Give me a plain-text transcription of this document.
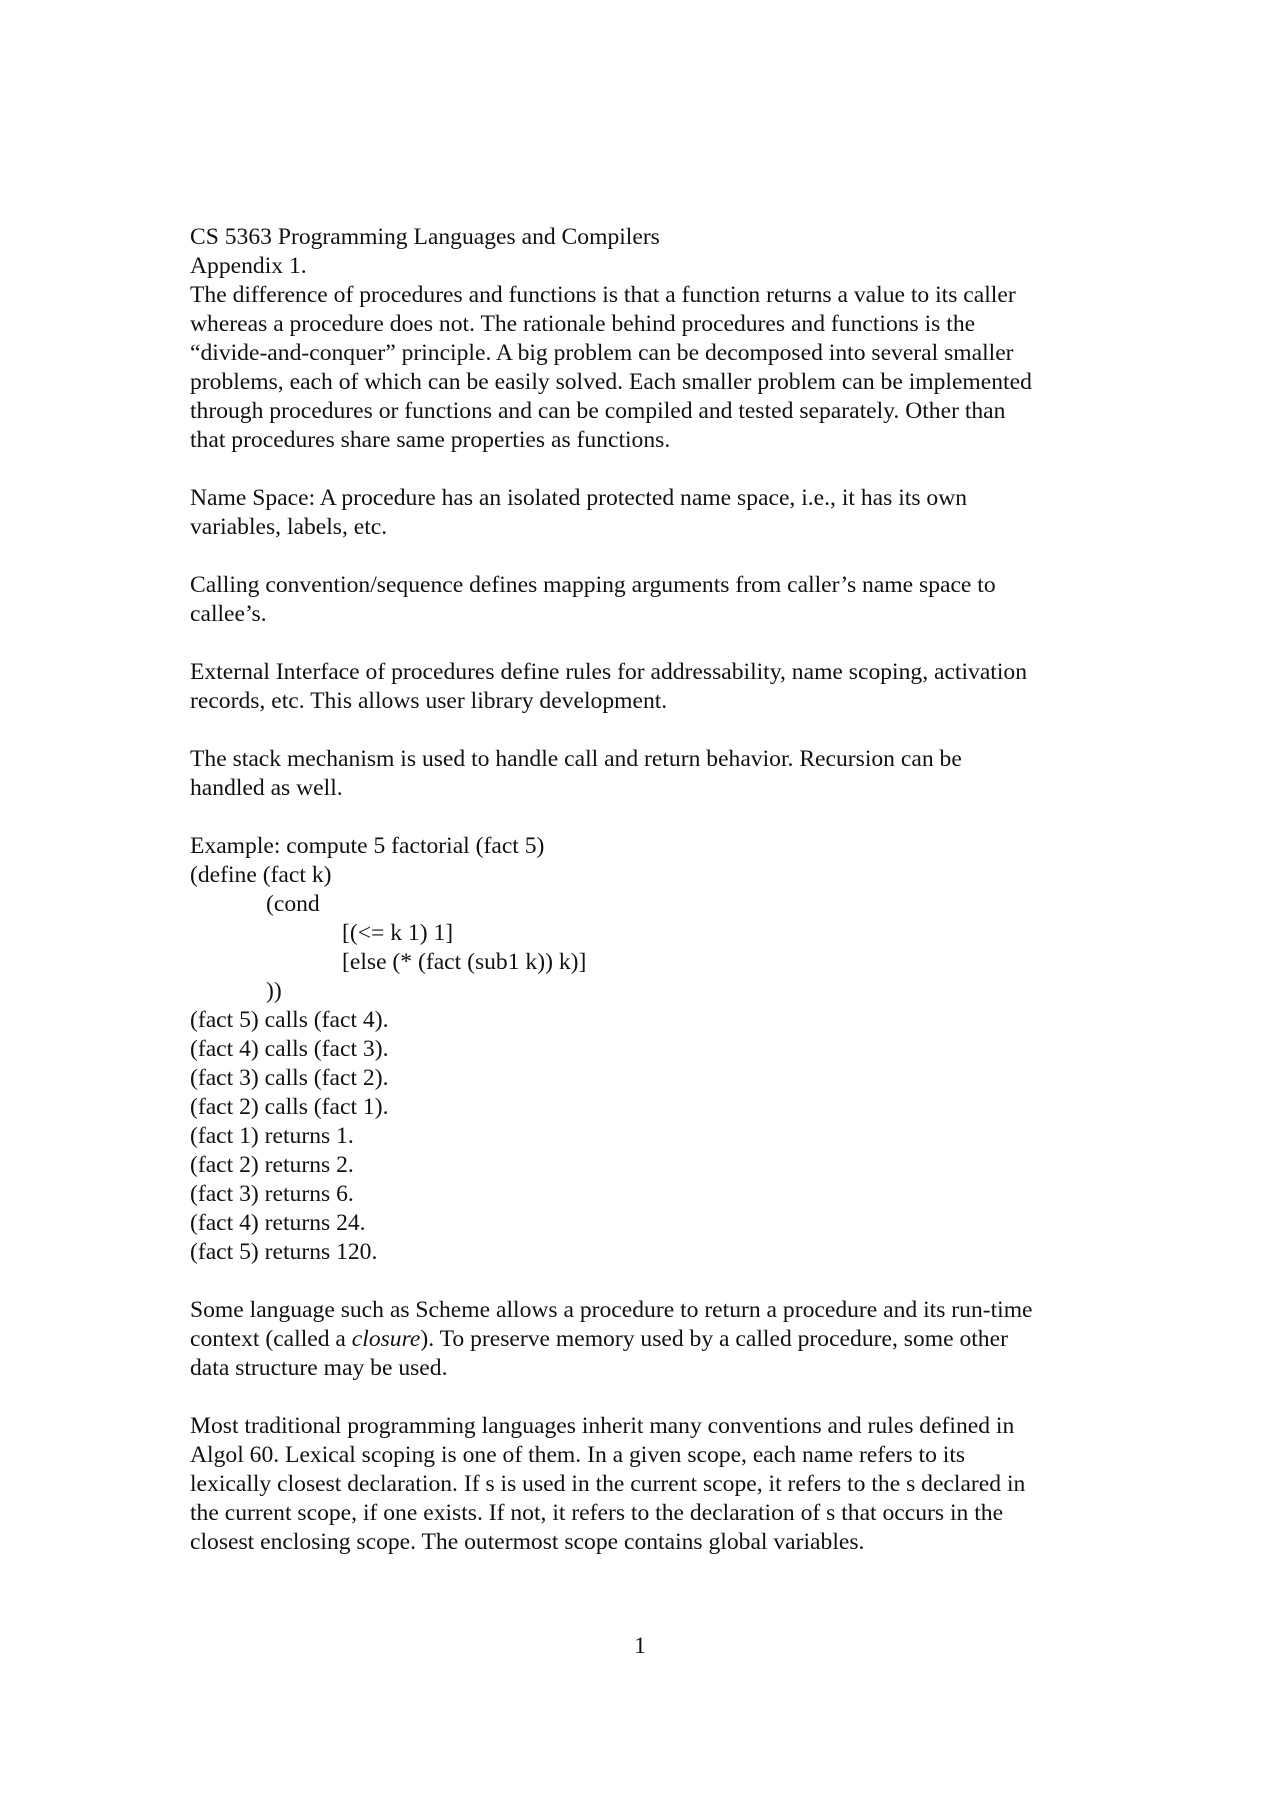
CS 5363 Programming Languages and Compilers
Appendix 1.
The difference of procedures and functions is that a function returns a value to its caller
whereas a procedure does not. The rationale behind procedures and functions is the
“divide-and-conquer” principle. A big problem can be decomposed into several smaller
problems, each of which can be easily solved. Each smaller problem can be implemented
through procedures or functions and can be compiled and tested separately. Other than
that procedures share same properties as functions.
Name Space: A procedure has an isolated protected name space, i.e., it has its own
variables, labels, etc.
Calling convention/sequence defines mapping arguments from caller’s name space to
callee’s.
External Interface of procedures define rules for addressability, name scoping, activation
records, etc. This allows user library development.
The stack mechanism is used to handle call and return behavior. Recursion can be
handled as well.
Example: compute 5 factorial (fact 5)
(define (fact k)
(cond
[(<= k 1) 1]
[else (* (fact (sub1 k)) k)]
))
(fact 5) calls (fact 4).
(fact 4) calls (fact 3).
(fact 3) calls (fact 2).
(fact 2) calls (fact 1).
(fact 1) returns 1.
(fact 2) returns 2.
(fact 3) returns 6.
(fact 4) returns 24.
(fact 5) returns 120.
Some language such as Scheme allows a procedure to return a procedure and its run-time
context (called a closure). To preserve memory used by a called procedure, some other
data structure may be used.
Most traditional programming languages inherit many conventions and rules defined in
Algol 60. Lexical scoping is one of them. In a given scope, each name refers to its
lexically closest declaration. If s is used in the current scope, it refers to the s declared in
the current scope, if one exists. If not, it refers to the declaration of s that occurs in the
closest enclosing scope. The outermost scope contains global variables.
1
